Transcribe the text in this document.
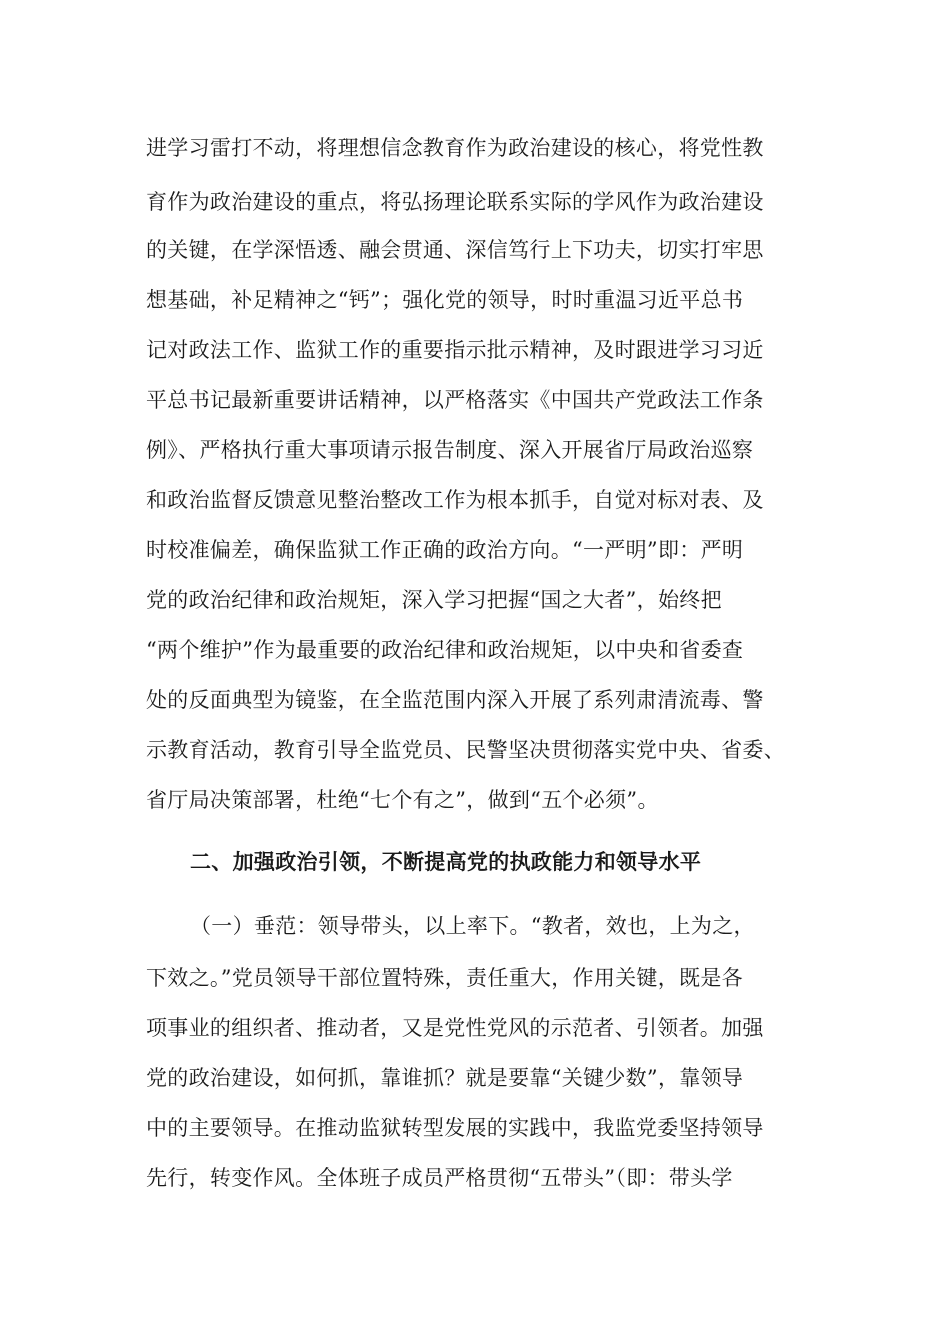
进学习雷打不动，将理想信念教育作为政治建设的核心，将党性教
育作为政治建设的重点，将弘扬理论联系实际的学风作为政治建设
的关键，在学深悟透、融会贯通、深信笃行上下功夫，切实打牢思
想基础，补足精神之“钙”；强化党的领导，时时重温习近平总书
记对政法工作、监狱工作的重要指示批示精神，及时跟进学习习近
平总书记最新重要讲话精神，以严格落实《中国共产党政法工作条
例》、严格执行重大事项请示报告制度、深入开展省厅局政治巡察
和政治监督反馈意见整治整改工作为根本抓手，自觉对标对表、及
时校准偏差，确保监狱工作正确的政治方向。“一严明”即：严明
党的政治纪律和政治规矩，深入学习把握“国之大者”，始终把
“两个维护”作为最重要的政治纪律和政治规矩，以中央和省委查
处的反面典型为镜鉴，在全监范围内深入开展了系列肃清流毒、警
示教育活动，教育引导全监党员、民警坚决贯彻落实党中央、省委、
省厅局决策部署，杜绝“七个有之”，做到“五个必须”。
二、加强政治引领，不断提高党的执政能力和领导水平
（一）垂范：领导带头，以上率下。“教者，效也，上为之，
下效之。”党员领导干部位置特殊，责任重大，作用关键，既是各
项事业的组织者、推动者，又是党性党风的示范者、引领者。加强
党的政治建设，如何抓，靠谁抓？就是要靠“关键少数”，靠领导
中的主要领导。在推动监狱转型发展的实践中，我监党委坚持领导
先行，转变作风。全体班子成员严格贯彻“五带头”（即：带头学
